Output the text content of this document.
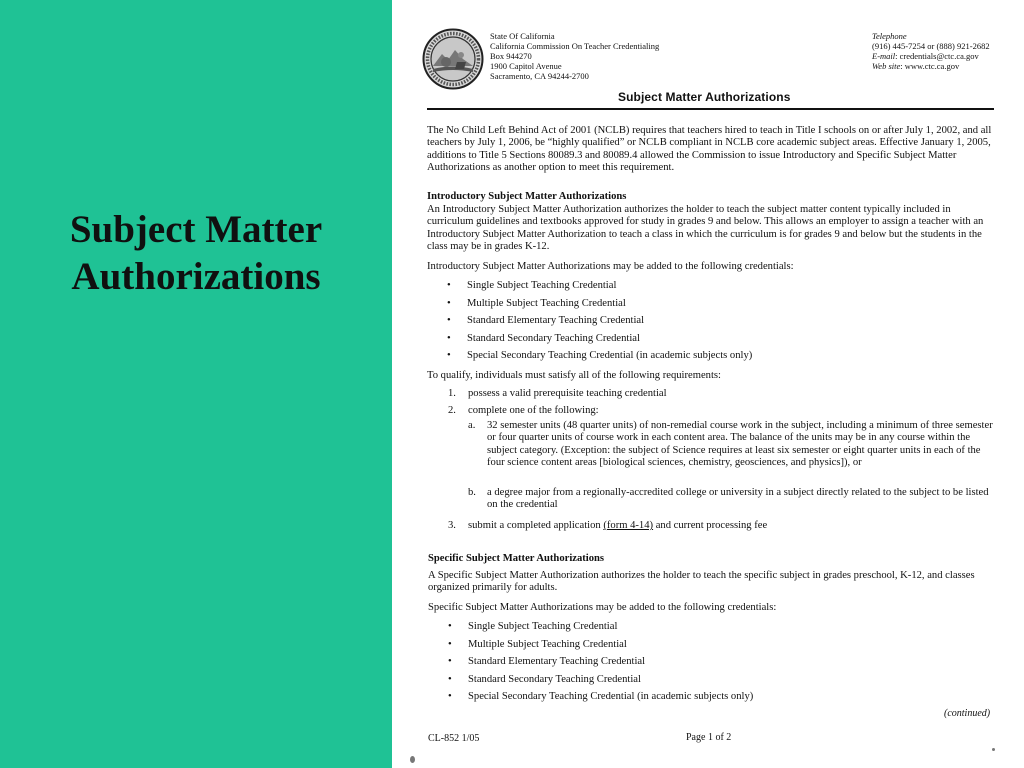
Subject Matter
Authorizations
State Of California
California Commission On Teacher Credentialing
Box 944270
1900 Capitol Avenue
Sacramento, CA 94244-2700
Telephone
(916) 445-7254 or (888) 921-2682
E-mail: credentials@ctc.ca.gov
Web site: www.ctc.ca.gov
Subject Matter Authorizations
The No Child Left Behind Act of 2001 (NCLB) requires that teachers hired to teach in Title I schools on or after July 1, 2002, and all teachers by July 1, 2006, be “highly qualified” or NCLB compliant in NCLB core academic subject areas. Effective January 1, 2005, additions to Title 5 Sections 80089.3 and 80089.4 allowed the Commission to issue Introductory and Specific Subject Matter Authorizations as another option to meet this requirement.
Introductory Subject Matter Authorizations
An Introductory Subject Matter Authorization authorizes the holder to teach the subject matter content typically included in curriculum guidelines and textbooks approved for study in grades 9 and below. This allows an employer to assign a teacher with an Introductory Subject Matter Authorization to teach a class in which the curriculum is for grades 9 and below but the students in the class may be in grades K-12.
Introductory Subject Matter Authorizations may be added to the following credentials:
• Single Subject Teaching Credential
• Multiple Subject Teaching Credential
• Standard Elementary Teaching Credential
• Standard Secondary Teaching Credential
• Special Secondary Teaching Credential (in academic subjects only)
To qualify, individuals must satisfy all of the following requirements:
1.	possess a valid prerequisite teaching credential
2.	complete one of the following:
a. 32 semester units (48 quarter units) of non-remedial course work in the subject, including a minimum of three semester or four quarter units of course work in each content area. The balance of the units may be in any course within the subject category. (Exception: the subject of Science requires at least six semester or eight quarter units in each of the four science content areas [biological sciences, chemistry, geosciences, and physics]), or
b. a degree major from a regionally-accredited college or university in a subject directly related to the subject to be listed on the credential
3.	submit a completed application (form 4-14) and current processing fee
Specific Subject Matter Authorizations
A Specific Subject Matter Authorization authorizes the holder to teach the specific subject in grades preschool, K-12, and classes organized primarily for adults.
Specific Subject Matter Authorizations may be added to the following credentials:
• Single Subject Teaching Credential
• Multiple Subject Teaching Credential
• Standard Elementary Teaching Credential
• Standard Secondary Teaching Credential
• Special Secondary Teaching Credential (in academic subjects only)
(continued)
CL-852 1/05	Page 1 of 2
